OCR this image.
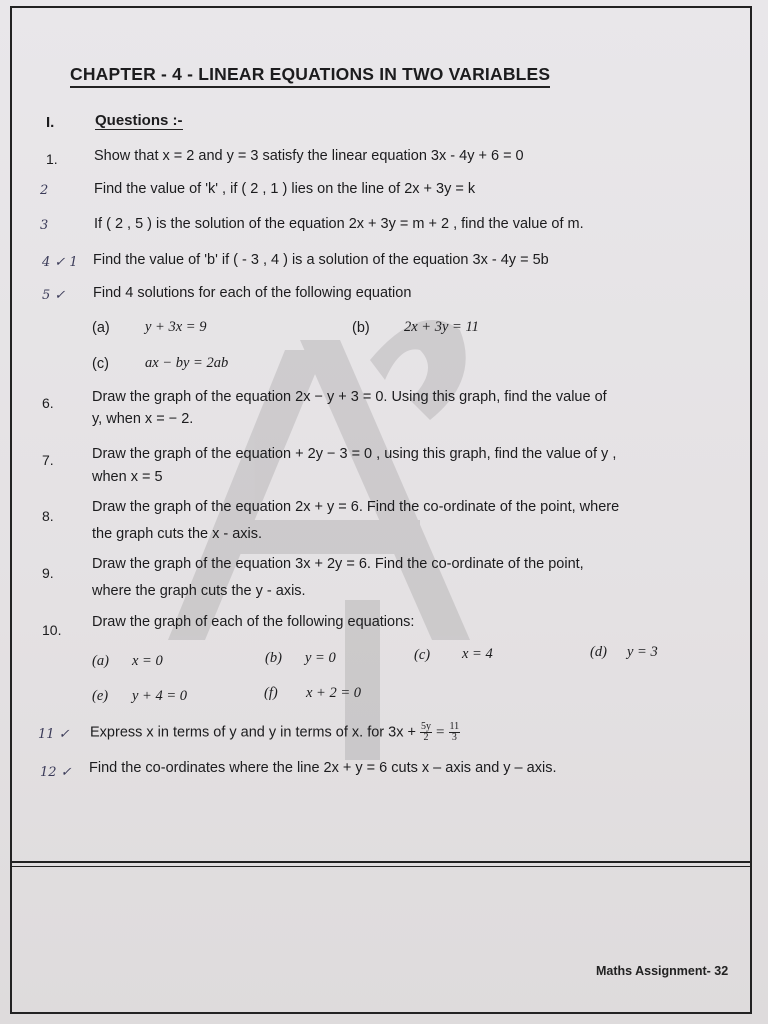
CHAPTER - 4 - LINEAR EQUATIONS IN TWO VARIABLES
I.	Questions :-
1.	Show that x = 2 and y = 3 satisfy the linear equation 3x - 4y + 6 = 0
2	Find the value of 'k' , if ( 2 , 1 ) lies on the line of 2x + 3y = k
3	If ( 2 , 5 ) is the solution of the equation 2x + 3y = m + 2 , find the value of m.
4 ✓ 1 Find the value of 'b' if ( - 3 , 4 ) is a solution of the equation 3x - 4y = 5b
5 ✓ Find 4 solutions for each of the following equation
(a) y + 3x = 9	(b) 2x + 3y = 11
(c) ax − by = 2ab
6.	Draw the graph of the equation 2x − y + 3 = 0. Using this graph, find the value of
y, when x = − 2.
7.	Draw the graph of the equation + 2y − 3 = 0 , using this graph, find the value of y ,
when x = 5
8.
Draw the graph of the equation 2x + y = 6. Find the co-ordinate of the point, where
the graph cuts the x - axis.
9.
Draw the graph of the equation 3x + 2y = 6. Find the co-ordinate of the point,
where the graph cuts the y - axis.
10. Draw the graph of each of the following equations:
(a) x = 0	(b) y = 0	(c) x = 4	(d) y = 3
(e) y + 4 = 0	(f) x + 2 = 0
11 ✓ Express x in terms of y and y in terms of x. for $3x + \frac{5y}{2} = \frac{11}{3}$
12 ✓ Find the co-ordinates where the line 2x + y = 6 cuts x – axis and y – axis.
Maths Assignment- 32
